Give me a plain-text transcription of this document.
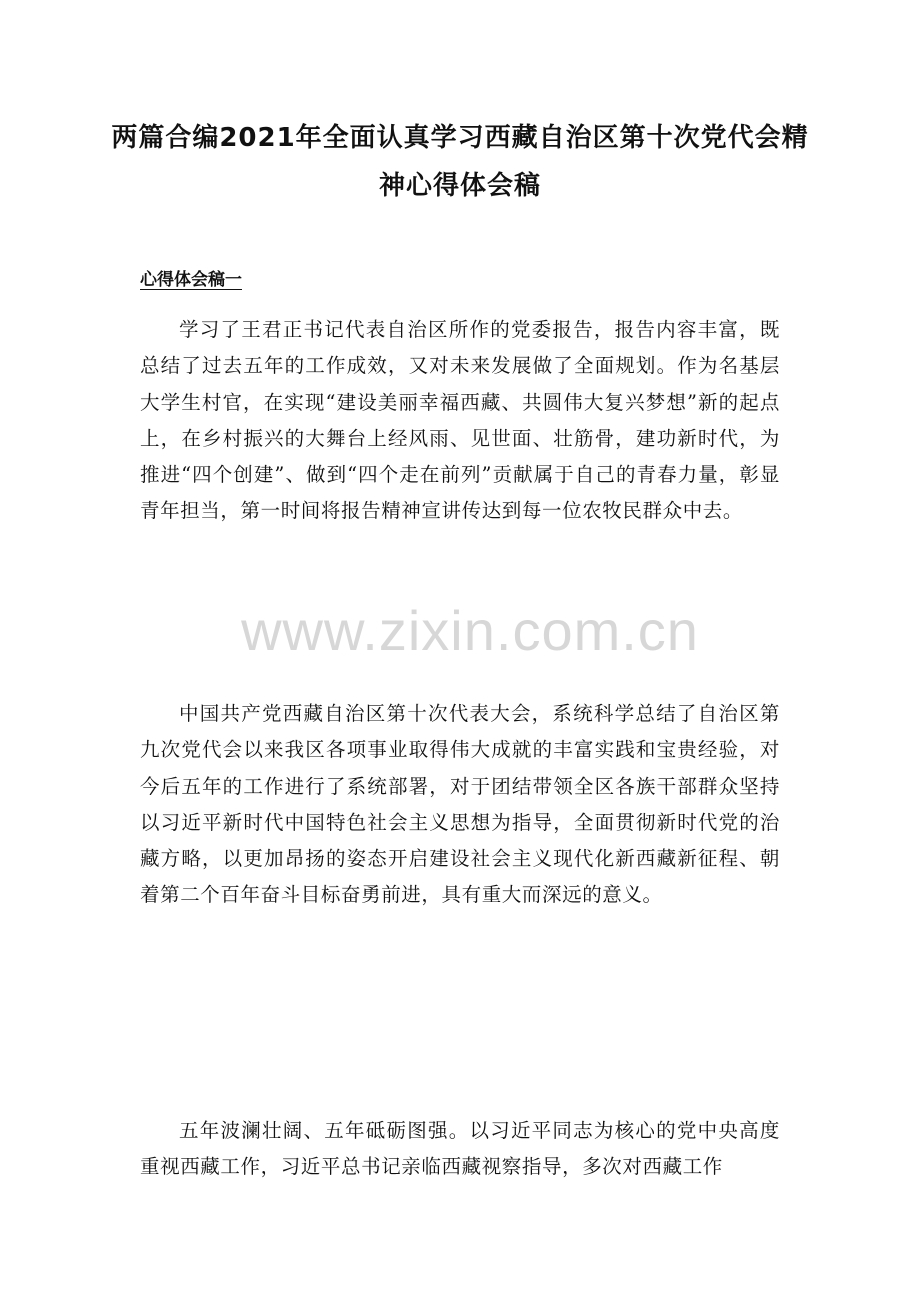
两篇合编2021年全面认真学习西藏自治区第十次党代会精神心得体会稿
心得体会稿一

学习了王君正书记代表自治区所作的党委报告，报告内容丰富，既总结了过去五年的工作成效，又对未来发展做了全面规划。作为名基层大学生村官，在实现“建设美丽幸福西藏、共圆伟大复兴梦想”新的起点上，在乡村振兴的大舞台上经风雨、见世面、壮筋骨，建功新时代，为推进“四个创建”、做到“四个走在前列”贡献属于自己的青春力量，彰显青年担当，第一时间将报告精神宣讲传达到每一位农牧民群众中去。

中国共产党西藏自治区第十次代表大会，系统科学总结了自治区第九次党代会以来我区各项事业取得伟大成就的丰富实践和宝贵经验，对今后五年的工作进行了系统部署，对于团结带领全区各族干部群众坚持以习近平新时代中国特色社会主义思想为指导，全面贯彻新时代党的治藏方略，以更加昂扬的姿态开启建设社会主义现代化新西藏新征程、朝着第二个百年奋斗目标奋勇前进，具有重大而深远的意义。

五年波澜壮阔、五年砥砺图强。以习近平同志为核心的党中央高度重视西藏工作，习近平总书记亲临西藏视察指导，多次对西藏工作

www.zixin.com.cn
